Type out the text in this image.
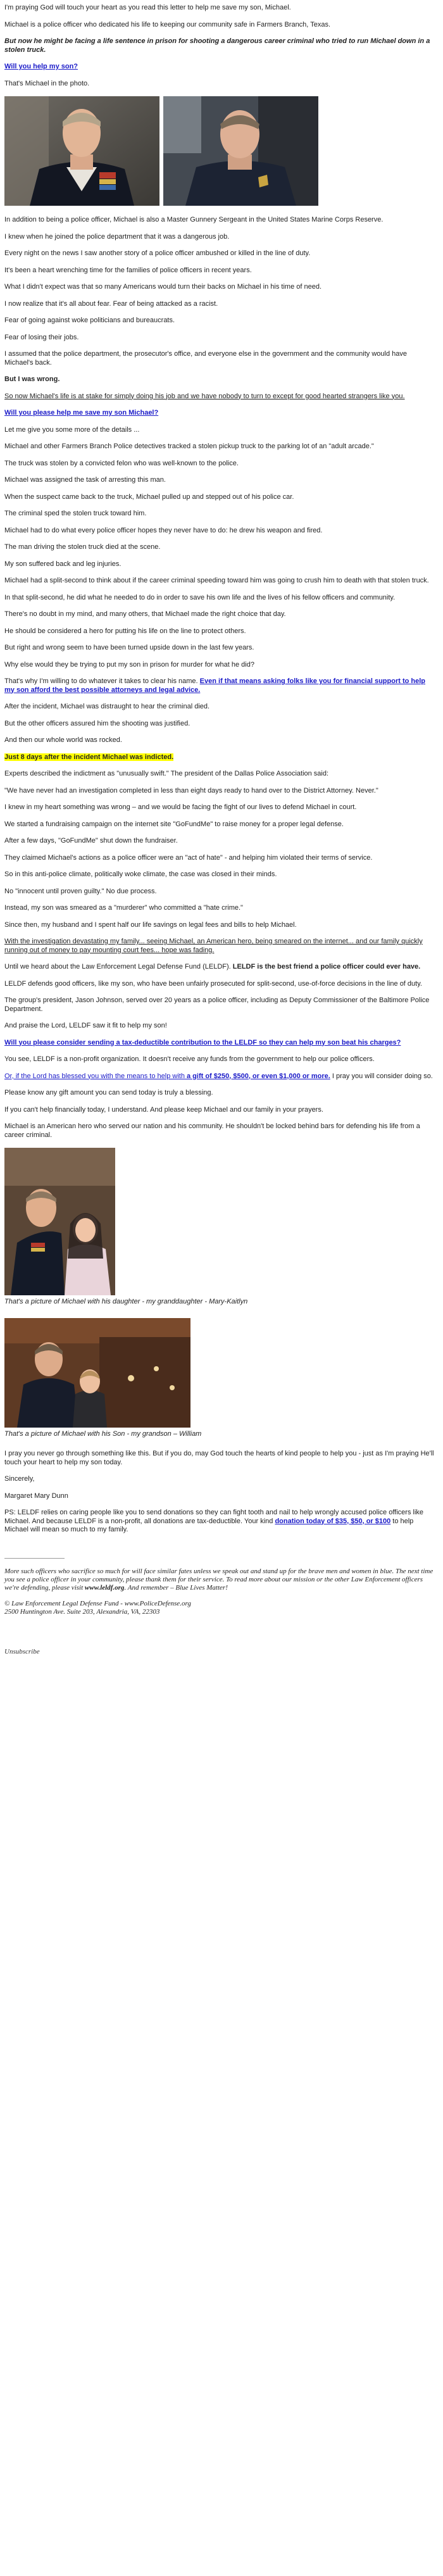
I'm praying God will touch your heart as you read this letter to help me save my son, Michael.

Michael is a police officer who dedicated his life to keeping our community safe in Farmers Branch, Texas.

But now he might be facing a life sentence in prison for shooting a dangerous career criminal who tried to run Michael down in a stolen truck.

Will you help my son?

That's Michael in the photo.

In addition to being a police officer, Michael is also a Master Gunnery Sergeant in the United States Marine Corps Reserve.

I knew when he joined the police department that it was a dangerous job.

Every night on the news I saw another story of a police officer ambushed or killed in the line of duty.

It's been a heart wrenching time for the families of police officers in recent years.

What I didn't expect was that so many Americans would turn their backs on Michael in his time of need.

I now realize that it's all about fear. Fear of being attacked as a racist.

Fear of going against woke politicians and bureaucrats.

Fear of losing their jobs.

I assumed that the police department, the prosecutor's office, and everyone else in the government and the community would have Michael's back.

But I was wrong.

So now Michael's life is at stake for simply doing his job and we have nobody to turn to except for good hearted strangers like you.

Will you please help me save my son Michael?

Let me give you some more of the details ...

Michael and other Farmers Branch Police detectives tracked a stolen pickup truck to the parking lot of an "adult arcade."

The truck was stolen by a convicted felon who was well-known to the police.

Michael was assigned the task of arresting this man.

When the suspect came back to the truck, Michael pulled up and stepped out of his police car.

The criminal sped the stolen truck toward him.

Michael had to do what every police officer hopes they never have to do: he drew his weapon and fired.

The man driving the stolen truck died at the scene.

My son suffered back and leg injuries.

Michael had a split-second to think about if the career criminal speeding toward him was going to crush him to death with that stolen truck.

In that split-second, he did what he needed to do in order to save his own life and the lives of his fellow officers and community.

There's no doubt in my mind, and many others, that Michael made the right choice that day.

He should be considered a hero for putting his life on the line to protect others.

But right and wrong seem to have been turned upside down in the last few years.

Why else would they be trying to put my son in prison for murder for what he did?

That's why I'm willing to do whatever it takes to clear his name. Even if that means asking folks like you for financial support to help my son afford the best possible attorneys and legal advice.

After the incident, Michael was distraught to hear the criminal died.

But the other officers assured him the shooting was justified.

And then our whole world was rocked.

Just 8 days after the incident Michael was indicted.

Experts described the indictment as "unusually swift." The president of the Dallas Police Association said:

"We have never had an investigation completed in less than eight days ready to hand over to the District Attorney. Never."

I knew in my heart something was wrong – and we would be facing the fight of our lives to defend Michael in court.

We started a fundraising campaign on the internet site "GoFundMe" to raise money for a proper legal defense.

After a few days, "GoFundMe" shut down the fundraiser.

They claimed Michael's actions as a police officer were an "act of hate" - and helping him violated their terms of service.

So in this anti-police climate, politically woke climate, the case was closed in their minds.

No "innocent until proven guilty." No due process.

Instead, my son was smeared as a "murderer" who committed a "hate crime."

Since then, my husband and I spent half our life savings on legal fees and bills to help Michael.

With the investigation devastating my family... seeing Michael, an American hero, being smeared on the internet... and our family quickly running out of money to pay mounting court fees... hope was fading.

Until we heard about the Law Enforcement Legal Defense Fund (LELDF). LELDF is the best friend a police officer could ever have.

LELDF defends good officers, like my son, who have been unfairly prosecuted for split-second, use-of-force decisions in the line of duty.

The group's president, Jason Johnson, served over 20 years as a police officer, including as Deputy Commissioner of the Baltimore Police Department.

And praise the Lord, LELDF saw it fit to help my son!

Will you please consider sending a tax-deductible contribution to the LELDF so they can help my son beat his charges?

You see, LELDF is a non-profit organization. It doesn't receive any funds from the government to help our police officers.

Or, if the Lord has blessed you with the means to help with a gift of $250, $500, or even $1,000 or more. I pray you will consider doing so.

Please know any gift amount you can send today is truly a blessing.

If you can't help financially today, I understand. And please keep Michael and our family in your prayers.

Michael is an American hero who served our nation and his community. He shouldn't be locked behind bars for defending his life from a career criminal.

That's a picture of Michael with his daughter - my granddaughter - Mary-Kaitlyn

That's a picture of Michael with his Son - my grandson – William

I pray you never go through something like this. But if you do, may God touch the hearts of kind people to help you - just as I'm praying He'll touch your heart to help my son today.

Sincerely,

Margaret Mary Dunn

PS: LELDF relies on caring people like you to send donations so they can fight tooth and nail to help wrongly accused police officers like Michael. And because LELDF is a non-profit, all donations are tax-deductible. Your kind donation today of $35, $50, or $100 to help Michael will mean so much to my family.

More such officers who sacrifice so much for will face similar fates unless we speak out and stand up for the brave men and women in blue. The next time you see a police officer in your community, please thank them for their service. To read more about our mission or the other Law Enforcement officers we're defending, please visit www.leldf.org. And remember – Blue Lives Matter!

© Law Enforcement Legal Defense Fund - www.PoliceDefense.org

2500 Huntington Ave. Suite 203, Alexandria, VA, 22303

Unsubscribe
